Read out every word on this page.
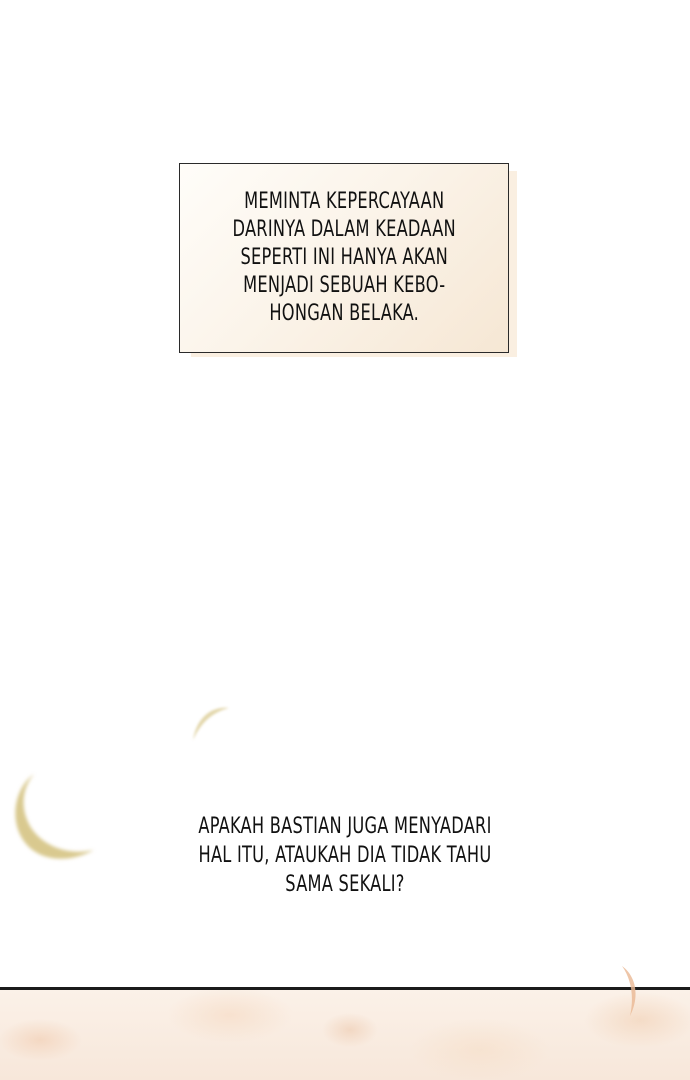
MEMINTA KEPERCAYAAN
DARINYA DALAM KEADAAN
SEPERTI INI HANYA AKAN
MENJADI SEBUAH KEBO-
HONGAN BELAKA.

APAKAH BASTIAN JUGA MENYADARI
HAL ITU, ATAUKAH DIA TIDAK TAHU
SAMA SEKALI?
